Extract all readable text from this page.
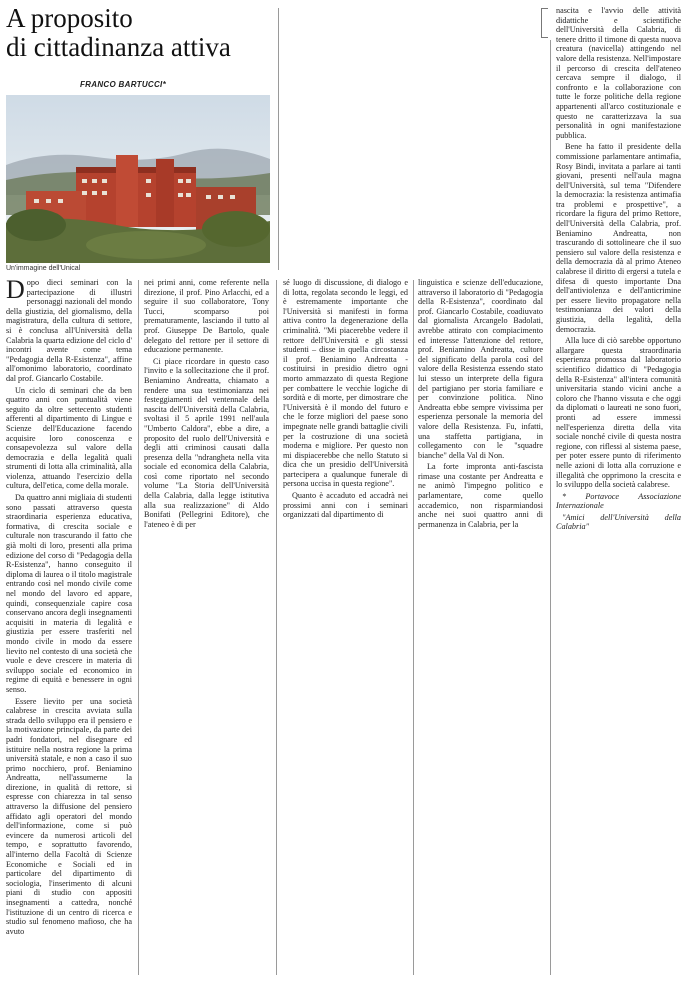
A proposito
di cittadinanza attiva
FRANCO BARTUCCI*
Un'immagine dell'Unical

Dopo dieci seminari con la partecipazione di illustri personaggi nazionali del mondo della giustizia, del giornalismo, della magistratura, della cultura di settore, si è conclusa all'Università della Calabria la quarta edizione del ciclo d' incontri avente come tema "Pedagogia della R-Esistenza", affine all'omonimo laboratorio, coordinato dal prof. Giancarlo Costabile.

Un ciclo di seminari che da ben quattro anni con puntualità viene seguito da oltre settecento studenti afferenti al dipartimento di Lingue e Scienze dell'Educazione facendo acquisire loro conoscenza e consapevolezza sul valore della democrazia e della legalità quali strumenti di lotta alla criminalità, alla violenza, attuando l'esercizio della cultura, dell'etica, come della morale.

Da quattro anni migliaia di studenti sono passati attraverso questa straordinaria esperienza educativa, formativa, di crescita sociale e culturale non trascurando il fatto che già molti di loro, presenti alla prima edizione del corso di "Pedagogia della R-Esistenza", hanno conseguito il diploma di laurea o il titolo magistrale entrando così nel mondo civile come nel mondo del lavoro ed appare, quindi, consequenziale capire cosa conservano ancora degli insegnamenti acquisiti in materia di legalità e giustizia per essere trasferiti nel mondo civile in modo da essere lievito nel contesto di una società che vuole e deve crescere in materia di sviluppo sociale ed economico in regime di equità e benessere in ogni senso.

Essere lievito per una società calabrese in crescita avviata sulla strada dello sviluppo era il pensiero e la motivazione principale, da parte dei padri fondatori, nel disegnare ed istituire nella nostra regione la prima università statale, e non a caso il suo primo nocchiero, prof. Beniamino Andreatta, nell'assumerne la direzione, in qualità di rettore, si espresse con chiarezza in tal senso attraverso la diffusione del pensiero affidato agli operatori del mondo dell'informazione, come si può evincere da numerosi articoli del tempo, e soprattutto favorendo, all'interno della Facoltà di Scienze Economiche e Sociali ed in particolare del dipartimento di sociologia, l'inserimento di alcuni piani di studio con appositi insegnamenti a cattedra, nonché l'istituzione di un centro di ricerca e studio sul fenomeno mafioso, che ha avuto

nei primi anni, come referente nella direzione, il prof. Pino Arlacchi, ed a seguire il suo collaboratore, Tony Tucci, scomparso poi prematuramente, lasciando il tutto al prof. Giuseppe De Bartolo, quale delegato del rettore per il settore di educazione permanente.

Ci piace ricordare in questo caso l'invito e la sollecitazione che il prof. Beniamino Andreatta, chiamato a rendere una sua testimonianza nei festeggiamenti del ventennale della nascita dell'Università della Calabria, svoltasi il 5 aprile 1991 nell'aula "Umberto Caldora", ebbe a dire, a proposito del ruolo dell'Università e degli atti criminosi causati dalla presenza della "ndrangheta nella vita sociale ed economica della Calabria, così come riportato nel secondo volume "La Storia dell'Università della Calabria, dalla legge istitutiva alla sua realizzazione" di Aldo Bonifati (Pellegrini Editore), che l'ateneo è di per

sé luogo di discussione, di dialogo e di lotta, regolata secondo le leggi, ed è estremamente importante che l'Università si manifesti in forma attiva contro la degenerazione della criminalità. "Mi piacerebbe vedere il rettore dell'Università e gli stessi studenti – disse in quella circostanza il prof. Beniamino Andreatta - costituirsi in presidio dietro ogni morto ammazzato di questa Regione per combattere le vecchie logiche di sordità e di morte, per dimostrare che l'Università è il mondo del futuro e che le forze migliori del paese sono impegnate nelle grandi battaglie civili per la costruzione di una società moderna e migliore. Per questo non mi dispiacerebbe che nello Statuto si dica che un presidio dell'Università partecipera a qualunque funerale di persona uccisa in questa regione".

Quanto è accaduto ed accadrà nei prossimi anni con i seminari organizzati dal dipartimento di

linguistica e scienze dell'educazione, attraverso il laboratorio di "Pedagogia della R-Esistenza", coordinato dal prof. Giancarlo Costabile, coadiuvato dal giornalista Arcangelo Badolati, avrebbe attirato con compiacimento ed interesse l'attenzione del rettore, prof. Beniamino Andreatta, cultore del significato della parola così del valore della Resistenza essendo stato lui stesso un interprete della figura del partigiano per storia familiare e per convinzione politica. Nino Andreatta ebbe sempre vivissima per esperienza personale la memoria del valore della Resistenza. Fu, infatti, una staffetta partigiana, in collegamento con le "squadre bianche" della Val di Non.

La forte impronta anti-fascista rimase una costante per Andreatta e ne animò l'impegno politico e parlamentare, come quello accademico, non risparmiandosi anche nei suoi quattro anni di permanenza in Calabria, per la

nascita e l'avvio delle attività didattiche e scientifiche dell'Università della Calabria, di tenere dritto il timone di questa nuova creatura (navicella) attingendo nel valore della resistenza. Nell'impostare il percorso di crescita dell'ateneo cercava sempre il dialogo, il confronto e la collaborazione con tutte le forze politiche della regione appartenenti all'arco costituzionale e questo ne caratterizzava la sua personalità in ogni manifestazione pubblica.

Bene ha fatto il presidente della commissione parlamentare antimafia, Rosy Bindi, invitata a parlare ai tanti giovani, presenti nell'aula magna dell'Università, sul tema "Difendere la democrazia: la resistenza antimafia tra problemi e prospettive", a ricordare la figura del primo Rettore, dell'Università della Calabria, prof. Beniamino Andreatta, non trascurando di sottolineare che il suo pensiero sul valore della resistenza e della democrazia dà al primo Ateneo calabrese il diritto di ergersi a tutela e difesa di questo importante Dna dell'antiviolenza e dell'anticrimine per essere lievito propagatore nella testimonianza dei valori della giustizia, della legalità, della democrazia.

Alla luce di ciò sarebbe opportuno allargare questa straordinaria esperienza promossa dal laboratorio scientifico didattico di "Pedagogia della R-Esistenza" all'intera comunità universitaria stando vicini anche a coloro che l'hanno vissuta e che oggi da diplomati o laureati ne sono fuori, pronti ad essere immessi nell'esperienza diretta della vita sociale nonché civile di questa nostra regione, con riflessi al sistema paese, per poter essere punto di riferimento nelle azioni di lotta alla corruzione e illegalità che opprimono la crescita e lo sviluppo della società calabrese.

* Portavoce Associazione Internazionale

"Amici dell'Università della Calabria"
